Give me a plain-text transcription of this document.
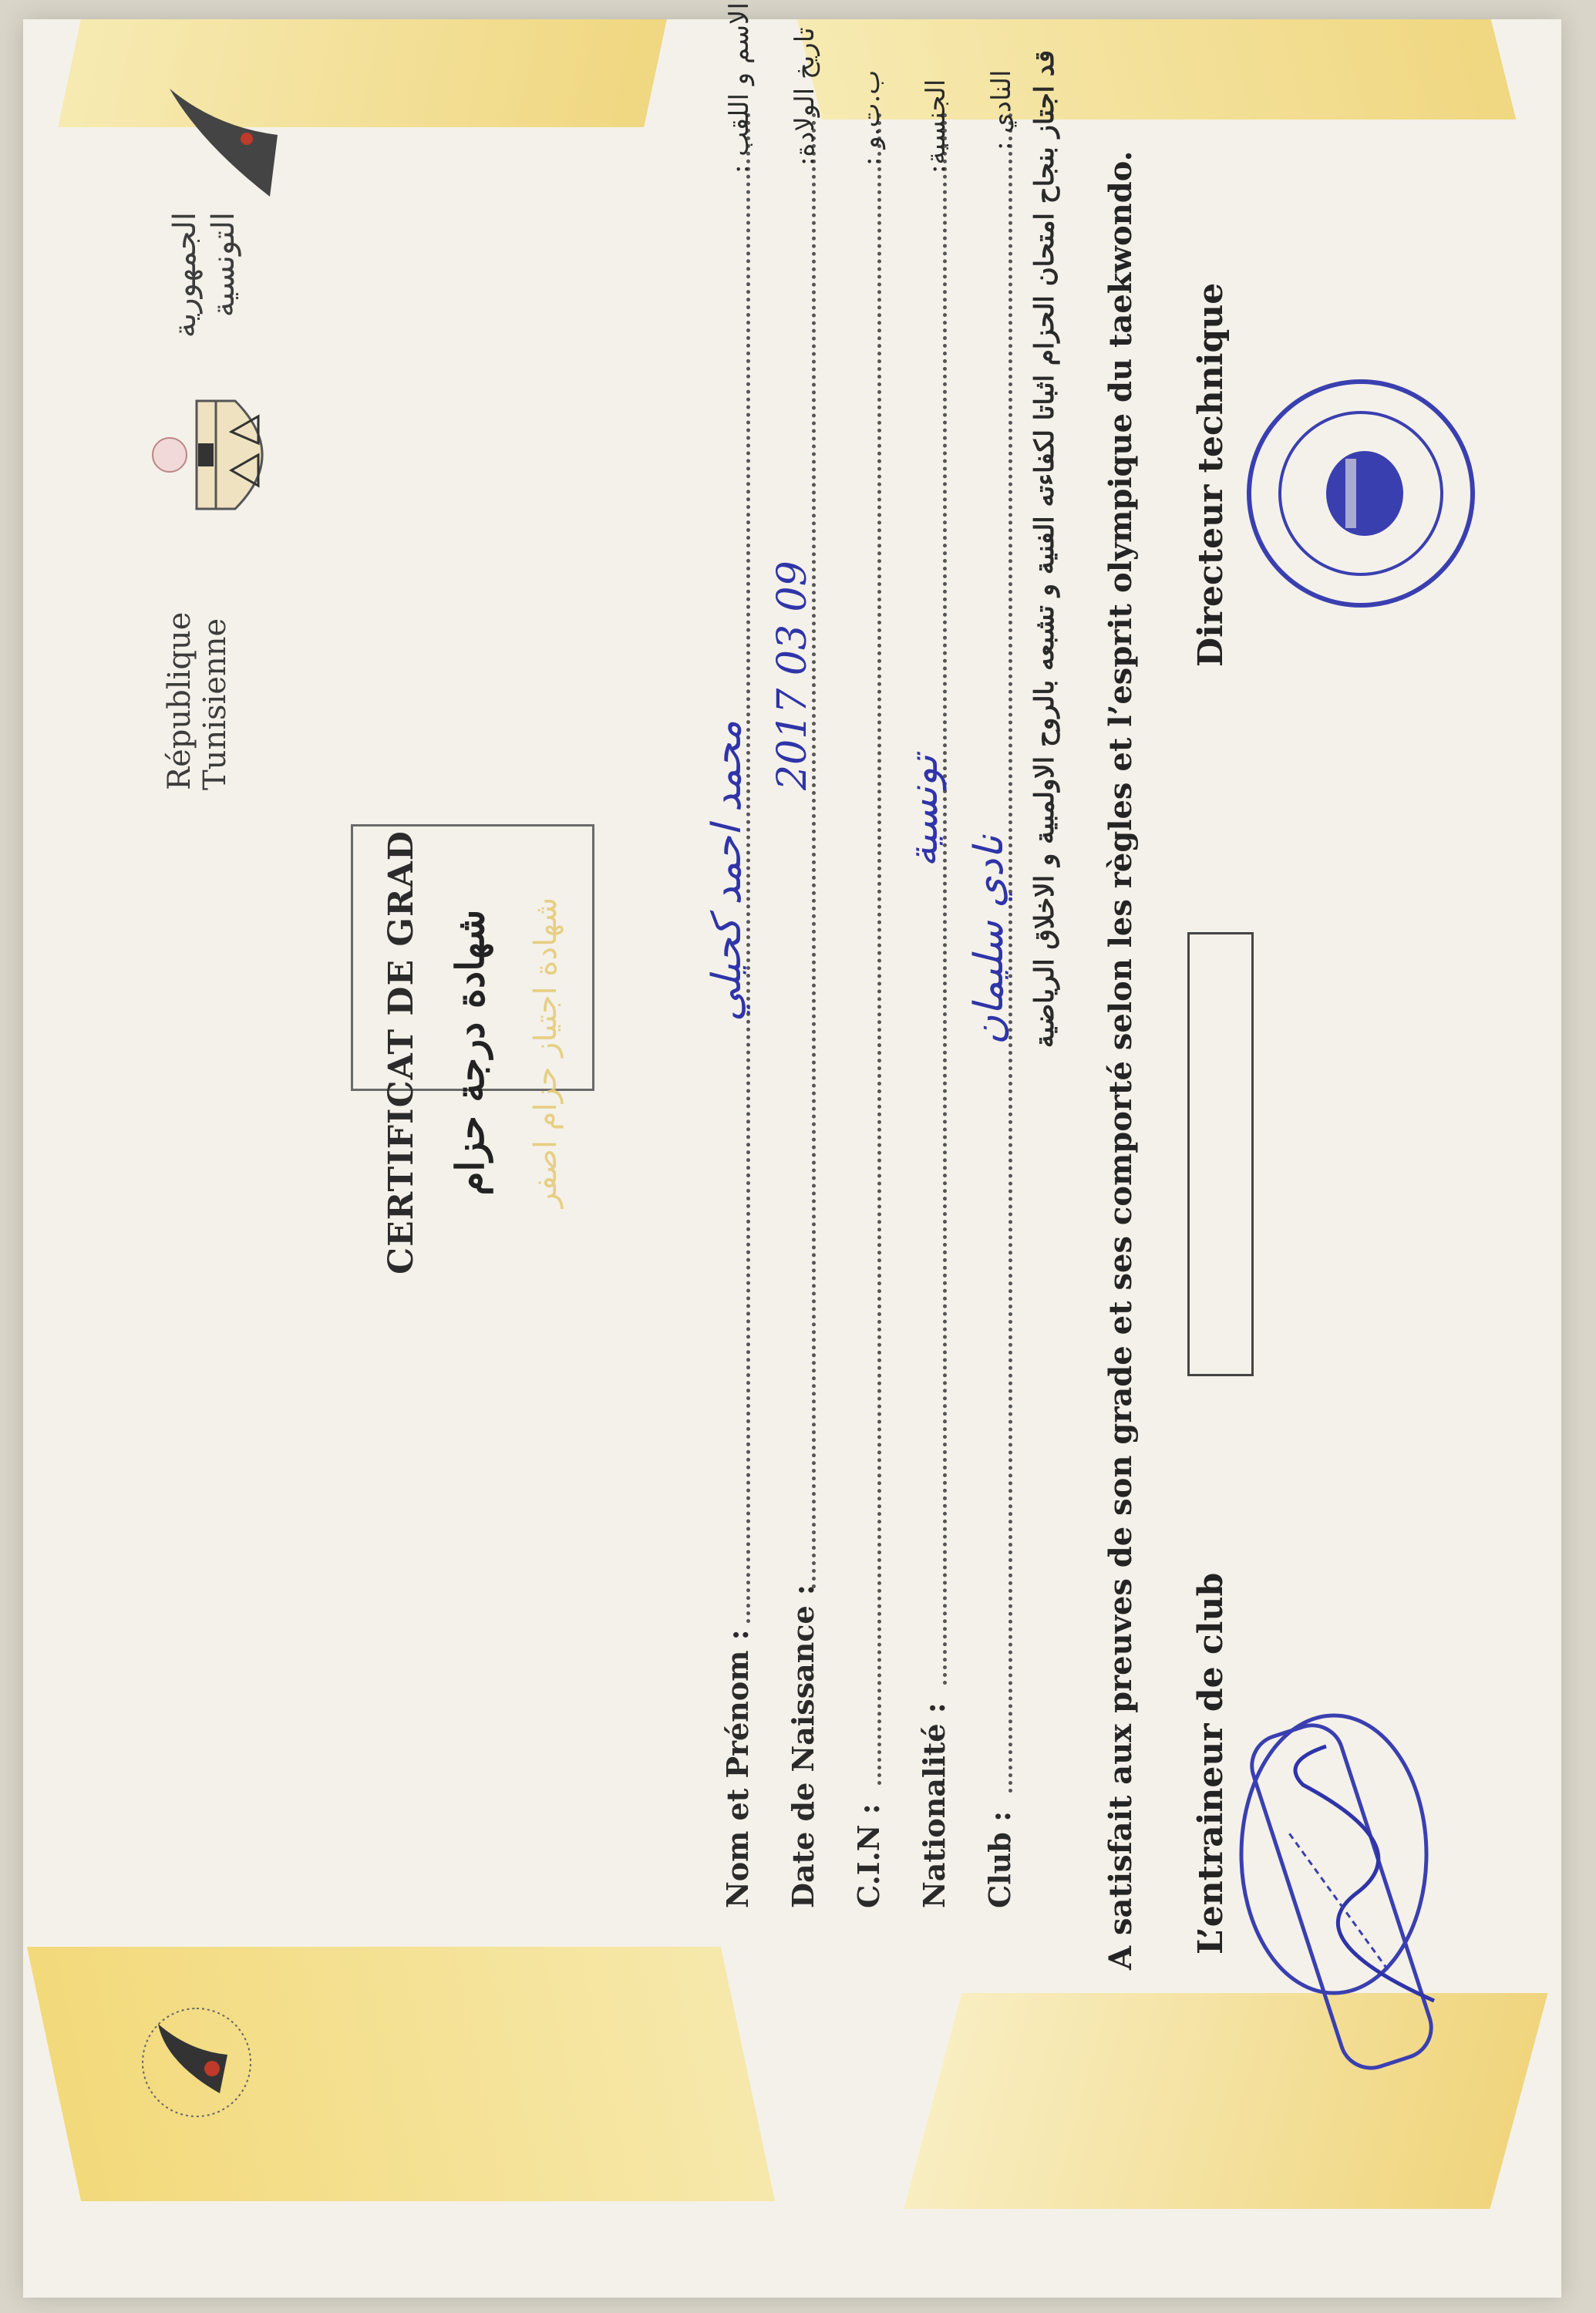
République Tunisienne
الجمهورية التونسية
CERTIFICAT DE GRAD شهادة درجة حزام شهادة اجتياز حزام اصفر
Nom et Prénom :
محمد احمد كحيلي
الاسم و اللقب :
Date de Naissance :
2017 03 09
تاريخ الولادة:
C.I.N :
ب.ت.و :
Nationalité :
تونسية
الجنسية:
Club :
نادي سليمان
النادي : قد اجتاز بنجاح امتحان الحزام اثباتا لكفاءته الفنية و تشبعه بالروح الاولمبية و الاخلاق الرياضية A satisfait aux preuves de son grade et ses comporté selon les règles et l’esprit olympique du taekwondo. L’entraineur de club
Directeur technique
